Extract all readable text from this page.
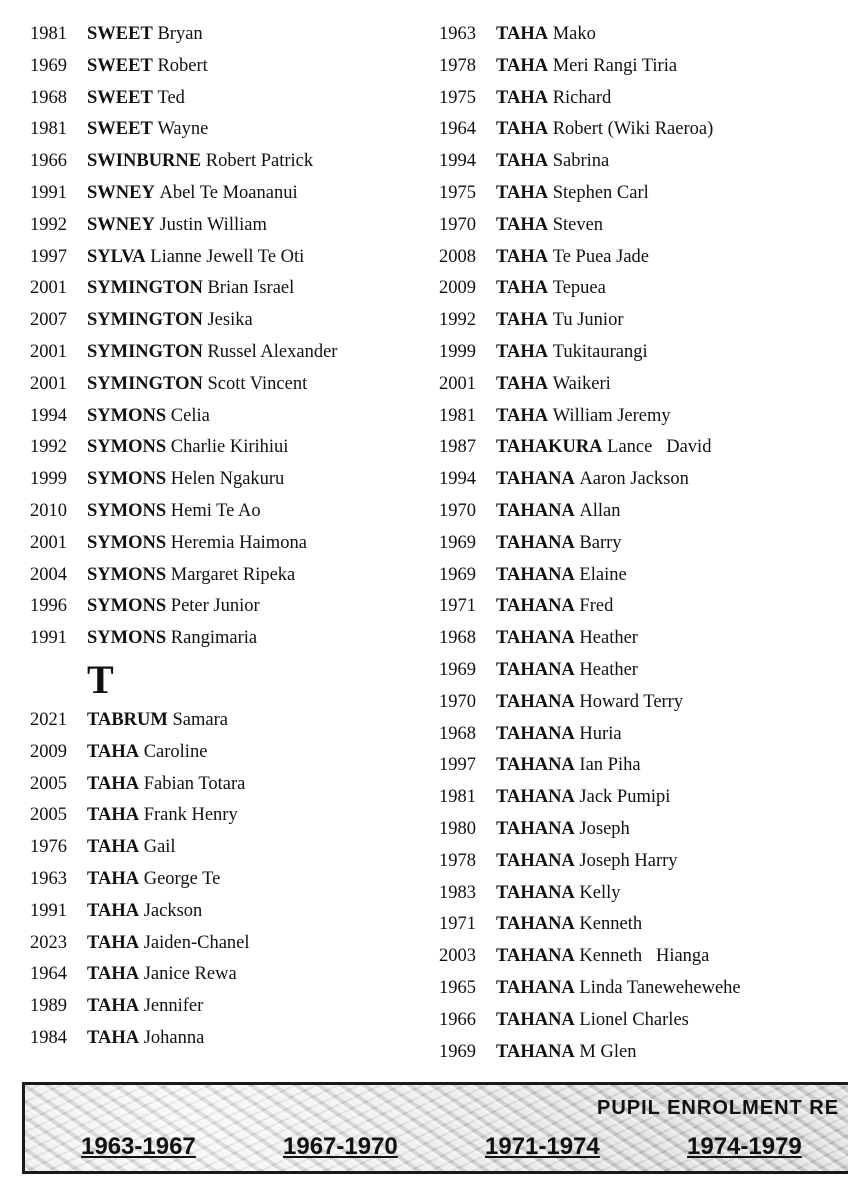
1981 SWEET Bryan
1969 SWEET Robert
1968 SWEET Ted
1981 SWEET Wayne
1966 SWINBURNE Robert Patrick
1991 SWNEY Abel Te Moananui
1992 SWNEY Justin William
1997 SYLVA Lianne Jewell Te Oti
2001 SYMINGTON Brian Israel
2007 SYMINGTON Jesika
2001 SYMINGTON Russel Alexander
2001 SYMINGTON Scott Vincent
1994 SYMONS Celia
1992 SYMONS Charlie Kirihiui
1999 SYMONS Helen Ngakuru
2010 SYMONS Hemi Te Ao
2001 SYMONS Heremia Haimona
2004 SYMONS Margaret Ripeka
1996 SYMONS Peter Junior
1991 SYMONS Rangimaria
T
2021 TABRUM Samara
2009 TAHA Caroline
2005 TAHA Fabian Totara
2005 TAHA Frank Henry
1976 TAHA Gail
1963 TAHA George Te
1991 TAHA Jackson
2023 TAHA Jaiden-Chanel
1964 TAHA Janice Rewa
1989 TAHA Jennifer
1984 TAHA Johanna
1963 TAHA Mako
1978 TAHA Meri Rangi Tiria
1975 TAHA Richard
1964 TAHA Robert (Wiki Raeroa)
1994 TAHA Sabrina
1975 TAHA Stephen Carl
1970 TAHA Steven
2008 TAHA Te Puea Jade
2009 TAHA Tepuea
1992 TAHA Tu Junior
1999 TAHA Tukitaurangi
2001 TAHA Waikeri
1981 TAHA William Jeremy
1987 TAHAKURA Lance   David
1994 TAHANA Aaron Jackson
1970 TAHANA Allan
1969 TAHANA Barry
1969 TAHANA Elaine
1971 TAHANA Fred
1968 TAHANA Heather
1969 TAHANA Heather
1970 TAHANA Howard Terry
1968 TAHANA Huria
1997 TAHANA Ian Piha
1981 TAHANA Jack Pumipi
1980 TAHANA Joseph
1978 TAHANA Joseph Harry
1983 TAHANA Kelly
1971 TAHANA Kenneth
2003 TAHANA Kenneth   Hianga
1965 TAHANA Linda Tanewehewehe
1966 TAHANA Lionel Charles
1969 TAHANA M Glen
PUPIL ENROLMENT RE
1963-1967	1967-1970	1971-1974	1974-1979
